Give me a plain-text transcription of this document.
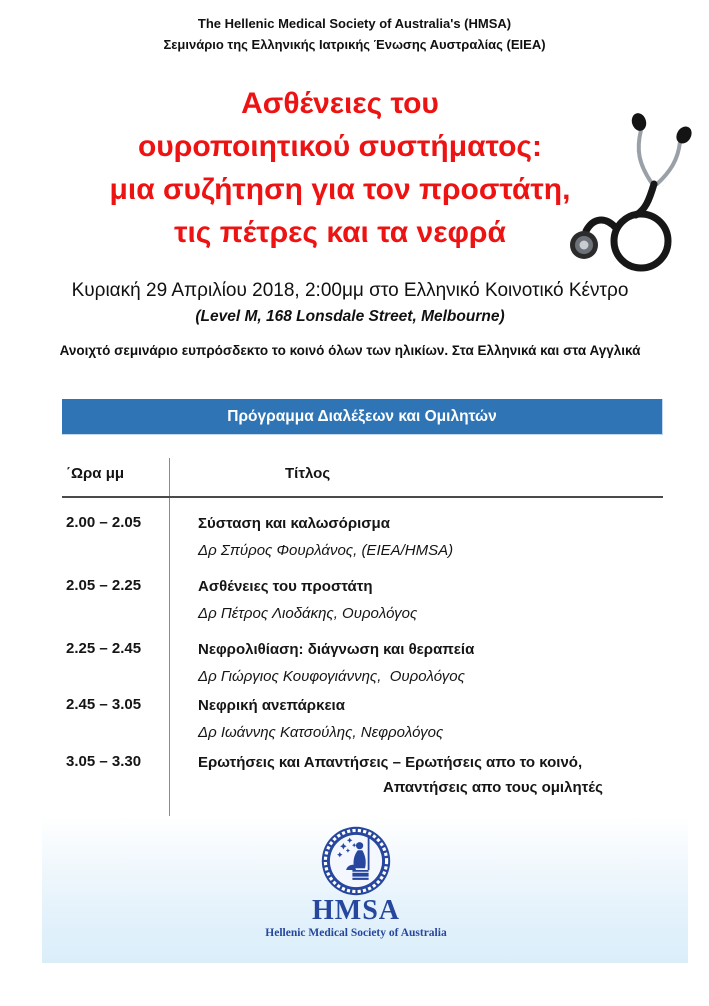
The Hellenic Medical Society of Australia's (HMSA)
Σεμινάριο της Ελληνικής Ιατρικής Ένωσης Αυστραλίας (ΕΙΕΑ)
Ασθένειες του
ουροποιητικού συστήματος:
μια συζήτηση για τον προστάτη,
τις πέτρες και τα νεφρά
Κυριακή 29 Απριλίου 2018, 2:00μμ στο Ελληνικό Κοινοτικό Κέντρο
(Level M, 168 Lonsdale Street, Melbourne)
Ανοιχτό σεμινάριο ευπρόσδεκτο το κοινό όλων των ηλικίων. Στα Ελληνικά και στα Αγγλικά
Πρόγραμμα Διαλέξεων και Ομιλητών
΄Ωρα μμ	Τίτλος
2.00 – 2.05	Σύσταση και καλωσόρισμα
Δρ Σπύρος Φουρλάνος, (ΕΙΕΑ/HMSA)
2.05 – 2.25	Ασθένειες του προστάτη
Δρ Πέτρος Λιοδάκης, Ουρολόγος
2.25 – 2.45	Νεφρολιθίαση: διάγνωση και θεραπεία
Δρ Γιώργιος Κουφογιάννης,  Ουρολόγος
2.45 – 3.05	Νεφρική ανεπάρκεια
Δρ Ιωάννης Κατσούλης, Νεφρολόγος
3.05 – 3.30	Ερωτήσεις και Απαντήσεις – Ερωτήσεις απο το κοινό,
Απαντήσεις απο τους ομιλητές
HMSA
Hellenic Medical Society of Australia
